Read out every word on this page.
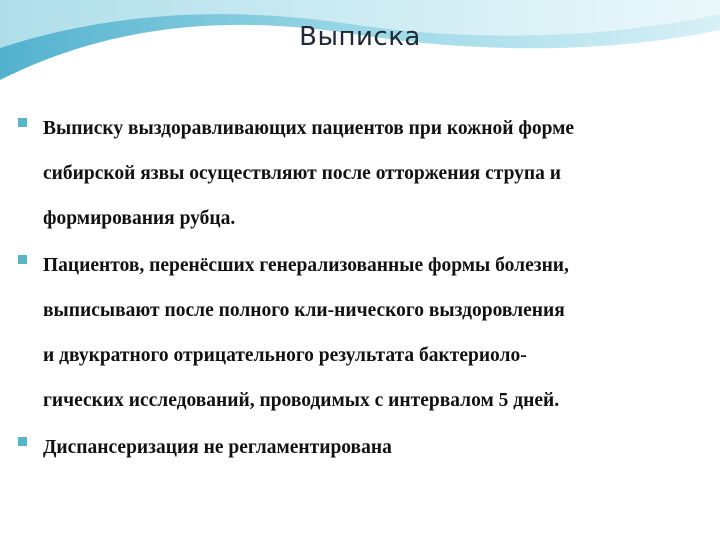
Выписка
Выписку выздоравливающих пациентов при кожной форме
сибирской язвы осуществляют после отторжения струпа и
формирования рубца.
Пациентов, перенёсших генерализованные формы болезни,
выписывают после полного кли-нического выздоровления
и двукратного отрицательного результата бактериоло-
гических исследований, проводимых с интервалом 5 дней.
Диспансеризация не регламентирована
